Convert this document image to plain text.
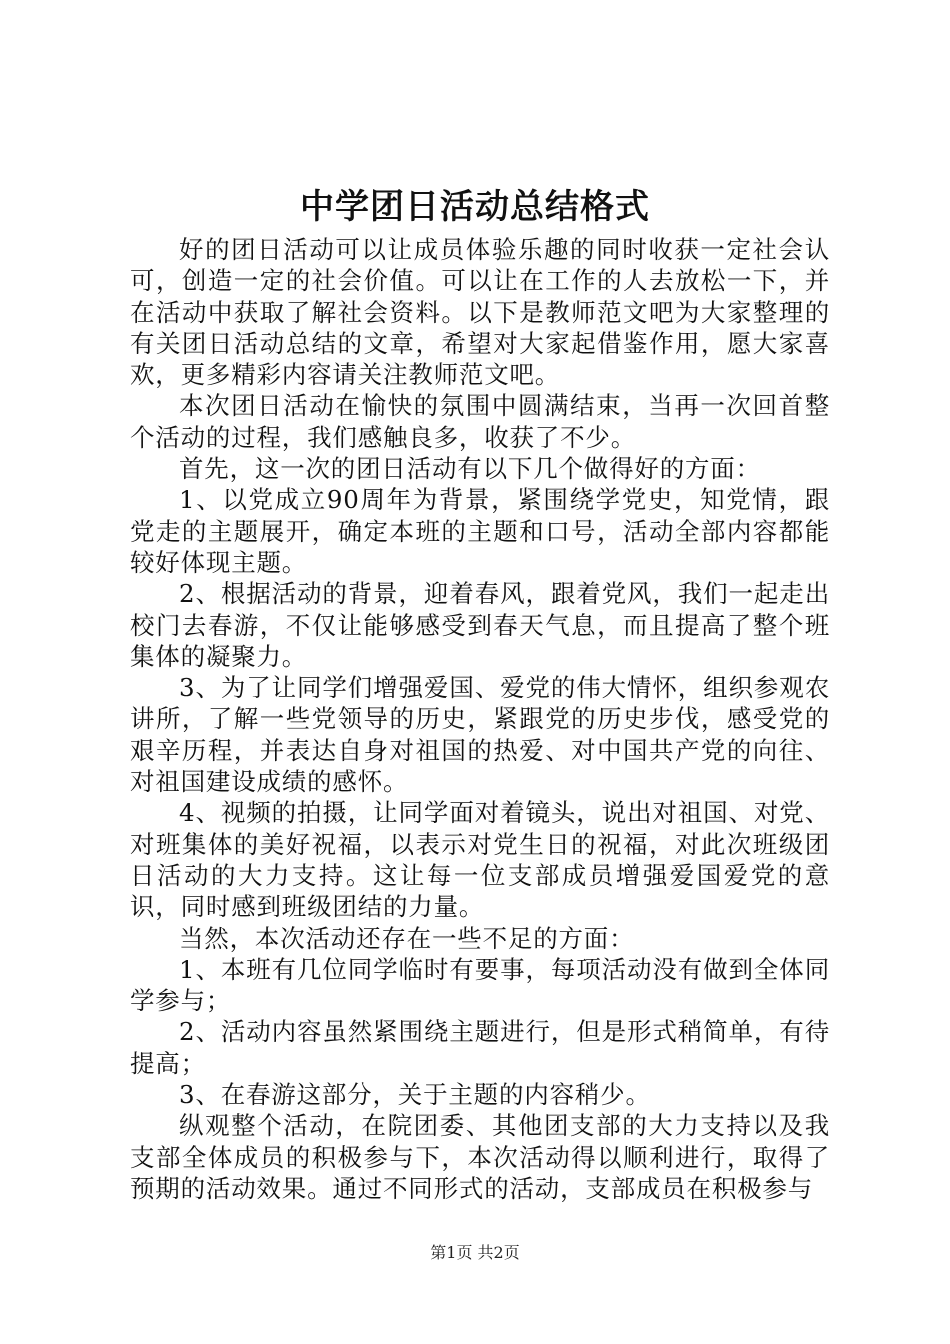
中学团日活动总结格式

好的团日活动可以让成员体验乐趣的同时收获一定社会认可，创造一定的社会价值。可以让在工作的人去放松一下，并在活动中获取了解社会资料。以下是教师范文吧为大家整理的有关团日活动总结的文章，希望对大家起借鉴作用，愿大家喜欢，更多精彩内容请关注教师范文吧。

本次团日活动在愉快的氛围中圆满结束，当再一次回首整个活动的过程，我们感触良多，收获了不少。

首先，这一次的团日活动有以下几个做得好的方面：

1、以党成立90周年为背景，紧围绕学党史，知党情，跟党走的主题展开，确定本班的主题和口号，活动全部内容都能较好体现主题。

2、根据活动的背景，迎着春风，跟着党风，我们一起走出校门去春游，不仅让能够感受到春天气息，而且提高了整个班集体的凝聚力。

3、为了让同学们增强爱国、爱党的伟大情怀，组织参观农讲所，了解一些党领导的历史，紧跟党的历史步伐，感受党的艰辛历程，并表达自身对祖国的热爱、对中国共产党的向往、对祖国建设成绩的感怀。

4、视频的拍摄，让同学面对着镜头，说出对祖国、对党、对班集体的美好祝福，以表示对党生日的祝福，对此次班级团日活动的大力支持。这让每一位支部成员增强爱国爱党的意识，同时感到班级团结的力量。

当然，本次活动还存在一些不足的方面：

1、本班有几位同学临时有要事，每项活动没有做到全体同学参与；

2、活动内容虽然紧围绕主题进行，但是形式稍简单，有待提高；

3、在春游这部分，关于主题的内容稍少。

纵观整个活动，在院团委、其他团支部的大力支持以及我支部全体成员的积极参与下，本次活动得以顺利进行，取得了预期的活动效果。通过不同形式的活动，支部成员在积极参与

第1页 共2页
